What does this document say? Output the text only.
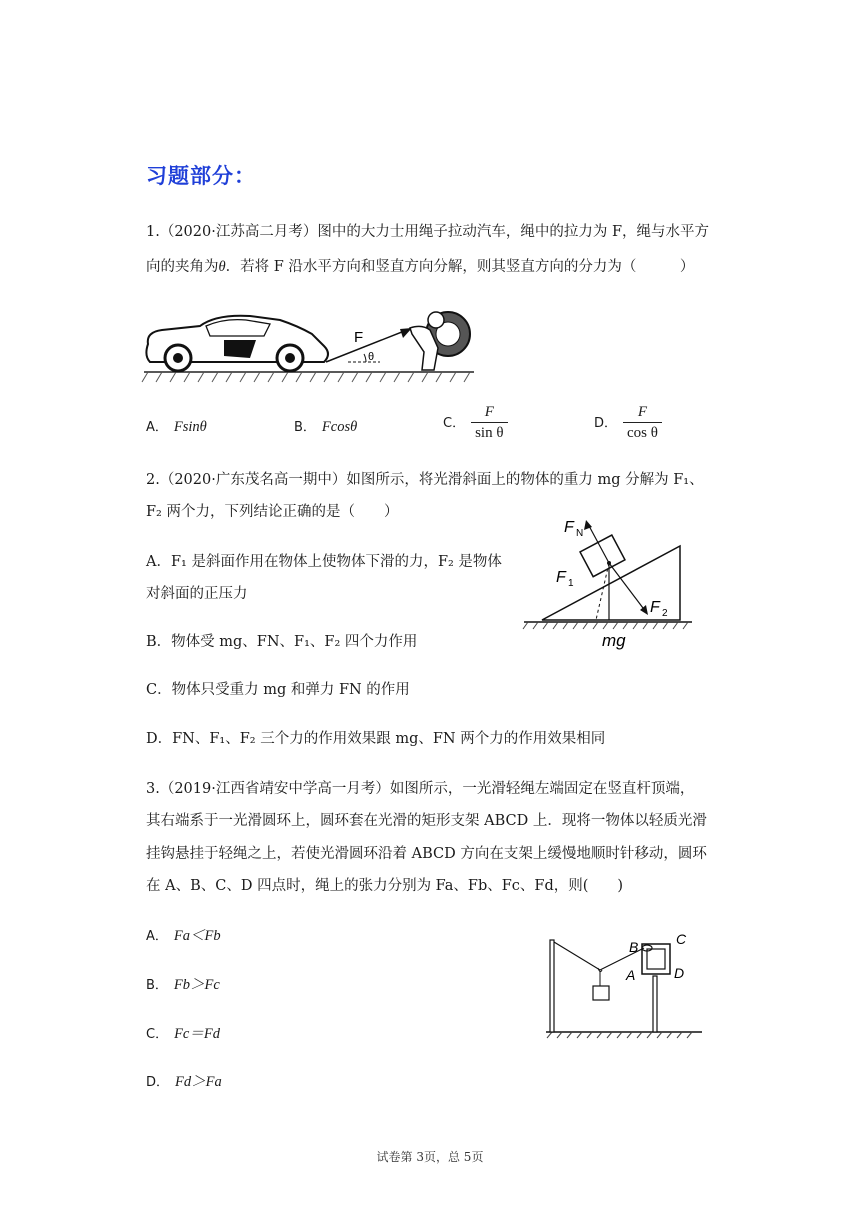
习题部分：
1.（2020·江苏高二月考）图中的大力士用绳子拉动汽车，绳中的拉力为 F，绳与水平方
向的夹角为θ．若将 F 沿水平方向和竖直方向分解，则其竖直方向的分力为（　　　）
F
θ
A． Fsinθ	B． Fcosθ	C． $\frac{F}{\text{sin θ}}$	D． $\frac{F}{\text{cos θ}}$
2.（2020·广东茂名高一期中）如图所示，将光滑斜面上的物体的重力 mg 分解为 F₁、
F₂ 两个力，下列结论正确的是（　　）
F N
F 1
F 2
mg
A．F₁ 是斜面作用在物体上使物体下滑的力，F₂ 是物体
对斜面的正压力
B．物体受 mg、FN、F₁、F₂ 四个力作用
C．物体只受重力 mg 和弹力 FN 的作用
D．FN、F₁、F₂ 三个力的作用效果跟 mg、FN 两个力的作用效果相同
3.（2019·江西省靖安中学高一月考）如图所示，一光滑轻绳左端固定在竖直杆顶端，
其右端系于一光滑圆环上，圆环套在光滑的矩形支架 ABCD 上．现将一物体以轻质光滑
挂钩悬挂于轻绳之上，若使光滑圆环沿着 ABCD 方向在支架上缓慢地顺时针移动，圆环
在 A、B、C、D 四点时，绳上的张力分别为 Fa、Fb、Fc、Fd，则(　　)
B	C
A	D
A． Fa＜Fb
B． Fb＞Fc
C． Fc＝Fd
D． Fd＞Fa
试卷第 3页，总 5页
